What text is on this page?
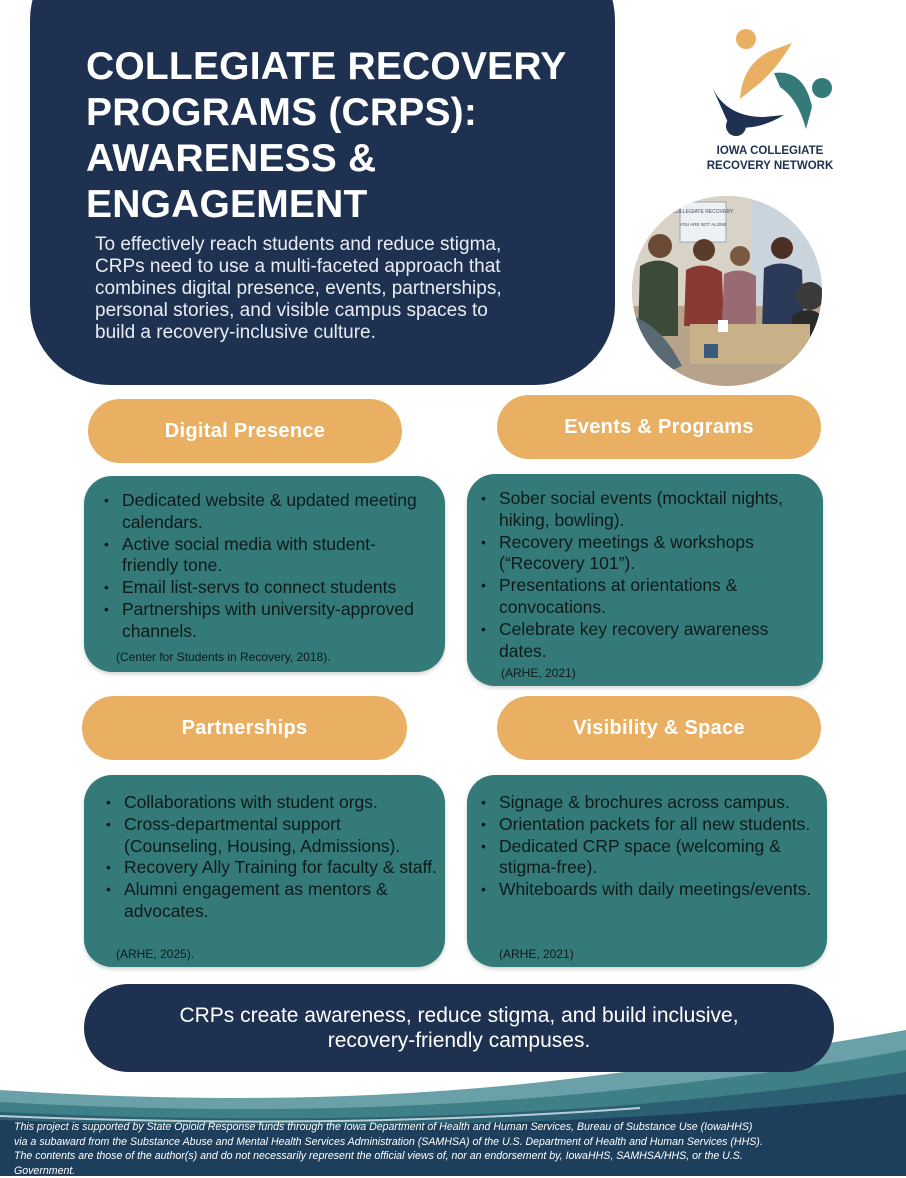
COLLEGIATE RECOVERY
PROGRAMS (CRPS):
AWARENESS &
ENGAGEMENT

To effectively reach students and reduce stigma,
CRPs need to use a multi-faceted approach that
combines digital presence, events, partnerships,
personal stories, and visible campus spaces to
build a recovery-inclusive culture.

IOWA COLLEGIATE
RECOVERY NETWORK
COLLEGIATE RECOVERY
YOU ARE NOT ALONE
Digital Presence	Events & Programs
Partnerships	Visibility & Space
• Dedicated website & updated meeting calendars.
• Active social media with student-friendly tone.
• Email list-servs to connect students
• Partnerships with university-approved channels.
(Center for Students in Recovery, 2018).
• Sober social events (mocktail nights, hiking, bowling).
• Recovery meetings & workshops (“Recovery 101”).
• Presentations at orientations & convocations.
• Celebrate key recovery awareness dates.
(ARHE, 2021)
• Collaborations with student orgs.
• Cross-departmental support (Counseling, Housing, Admissions).
• Recovery Ally Training for faculty & staff.
• Alumni engagement as mentors & advocates.
(ARHE, 2025).
• Signage & brochures across campus.
• Orientation packets for all new students.
• Dedicated CRP space (welcoming & stigma-free).
• Whiteboards with daily meetings/events.
(ARHE, 2021)
CRPs create awareness, reduce stigma, and build inclusive,
recovery-friendly campuses.
This project is supported by State Opioid Response funds through the Iowa Department of Health and Human Services, Bureau of Substance Use (IowaHHS)
via a subaward from the Substance Abuse and Mental Health Services Administration (SAMHSA) of the U.S. Department of Health and Human Services (HHS).
The contents are those of the author(s) and do not necessarily represent the official views of, nor an endorsement by, IowaHHS, SAMHSA/HHS, or the U.S.
Government.
